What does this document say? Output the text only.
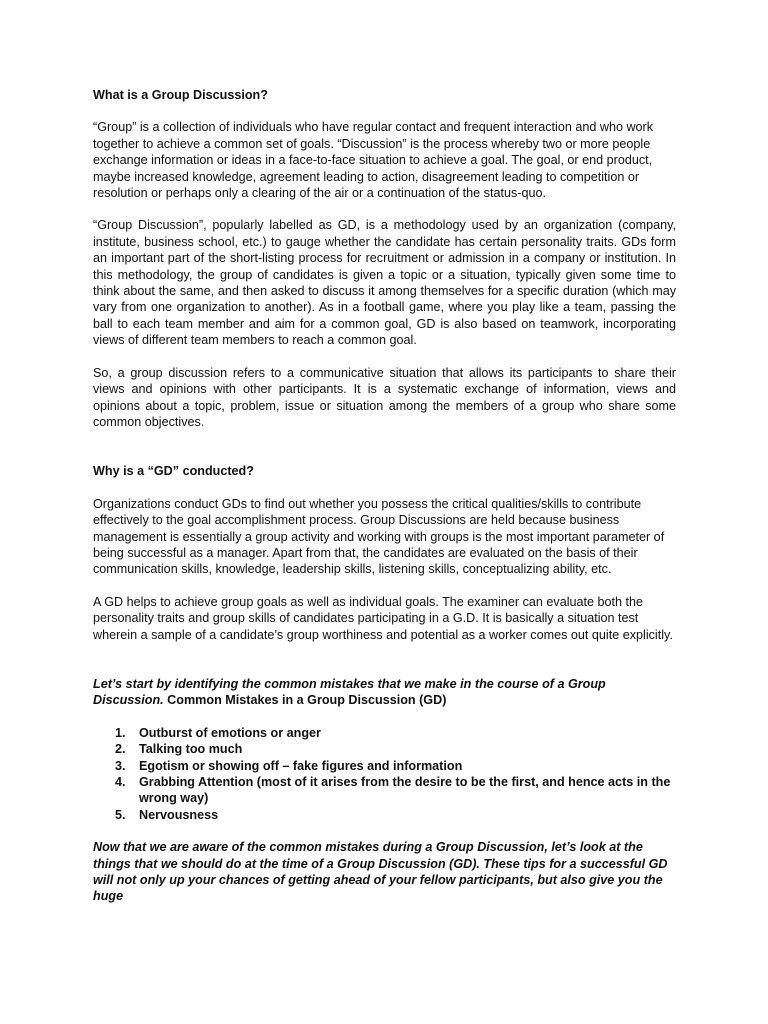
What is a Group Discussion?

“Group” is a collection of individuals who have regular contact and frequent interaction and who work together to achieve a common set of goals. “Discussion” is the process whereby two or more people exchange information or ideas in a face-to-face situation to achieve a goal. The goal, or end product, maybe increased knowledge, agreement leading to action, disagreement leading to competition or resolution or perhaps only a clearing of the air or a continuation of the status-quo.

“Group Discussion”, popularly labelled as GD, is a methodology used by an organization (company, institute, business school, etc.) to gauge whether the candidate has certain personality traits. GDs form an important part of the short-listing process for recruitment or admission in a company or institution. In this methodology, the group of candidates is given a topic or a situation, typically given some time to think about the same, and then asked to discuss it among themselves for a specific duration (which may vary from one organization to another). As in a football game, where you play like a team, passing the ball to each team member and aim for a common goal, GD is also based on teamwork, incorporating views of different team members to reach a common goal.

So, a group discussion refers to a communicative situation that allows its participants to share their views and opinions with other participants. It is a systematic exchange of information, views and opinions about a topic, problem, issue or situation among the members of a group who share some common objectives.

Why is a “GD” conducted?

Organizations conduct GDs to find out whether you possess the critical qualities/skills to contribute effectively to the goal accomplishment process. Group Discussions are held because business management is essentially a group activity and working with groups is the most important parameter of being successful as a manager. Apart from that, the candidates are evaluated on the basis of their communication skills, knowledge, leadership skills, listening skills, conceptualizing ability, etc.

A GD helps to achieve group goals as well as individual goals. The examiner can evaluate both the personality traits and group skills of candidates participating in a G.D. It is basically a situation test wherein a sample of a candidate’s group worthiness and potential as a worker comes out quite explicitly.

Let’s start by identifying the common mistakes that we make in the course of a Group Discussion. Common Mistakes in a Group Discussion (GD)

1. Outburst of emotions or anger
2. Talking too much
3. Egotism or showing off – fake figures and information
4. Grabbing Attention (most of it arises from the desire to be the first, and hence acts in the wrong way)
5. Nervousness

Now that we are aware of the common mistakes during a Group Discussion, let’s look at the things that we should do at the time of a Group Discussion (GD). These tips for a successful GD will not only up your chances of getting ahead of your fellow participants, but also give you the huge
